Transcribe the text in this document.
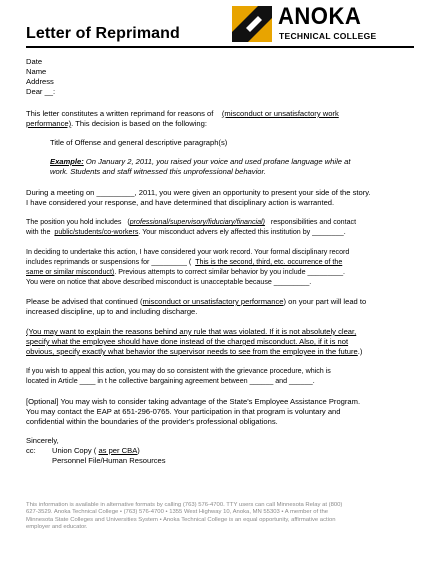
Letter of Reprimand
ANOKA
TECHNICAL COLLEGE
Date
Name
Address
Dear __:
This letter constitutes a written reprimand for reasons of (misconduct or unsatisfactory work
performance). This decision is based on the following:
Title of Offense and general descriptive paragraph(s)
Example: On January 2, 2011, you raised your voice and used profane language while at
work. Students and staff witnessed this unprofessional behavior.
During a meeting on _________, 2011, you were given an opportunity to present your side of the story.
I have considered your response, and have determined that disciplinary action is warranted.
The position you hold includes   (professional/supervisory/fiduciary/financial) responsibilities and contact
with the public/students/co-workers. Your misconduct advers ely affected this institution by ________.
In deciding to undertake this action, I have considered your work record. Your formal disciplinary record
includes reprimands or suspensions for _________ ( This is the second, third, etc. occurrence of the
same or similar misconduct). Previous attempts to correct similar behavior by you include _________.
You were on notice that above described misconduct is unacceptable because _________.
Please be advised that continued (misconduct or unsatisfactory performance) on your part will lead to
increased discipline, up to and including discharge.
(You may want to explain the reasons behind any rule that was violated. If it is not absolutely clear,
specify what the employee should have done instead of the charged misconduct. Also, if it is not
obvious, specify exactly what behavior the supervisor needs to see from the employee in the future.)
If you wish to appeal this action, you may do so consistent with the grievance procedure, which is
located in Article ____ in t he collective bargaining agreement between ______ and ______.
[Optional] You may wish to consider taking advantage of the State's Employee Assistance Program.
You may contact the EAP at 651-296-0765. Your participation in that program is voluntary and
confidential within the boundaries of the provider's professional obligations.
Sincerely,
cc: Union Copy ( as per CBA)
Personnel File/Human Resources
This information is available in alternative formats by calling (763) 576-4700. TTY users can call Minnesota Relay at (800)
627-3529. Anoka Technical College • (763) 576-4700 • 1355 West Highway 10, Anoka, MN 55303 • A member of the
Minnesota State Colleges and Universities System • Anoka Technical College is an equal opportunity, affirmative action
employer and educator.
